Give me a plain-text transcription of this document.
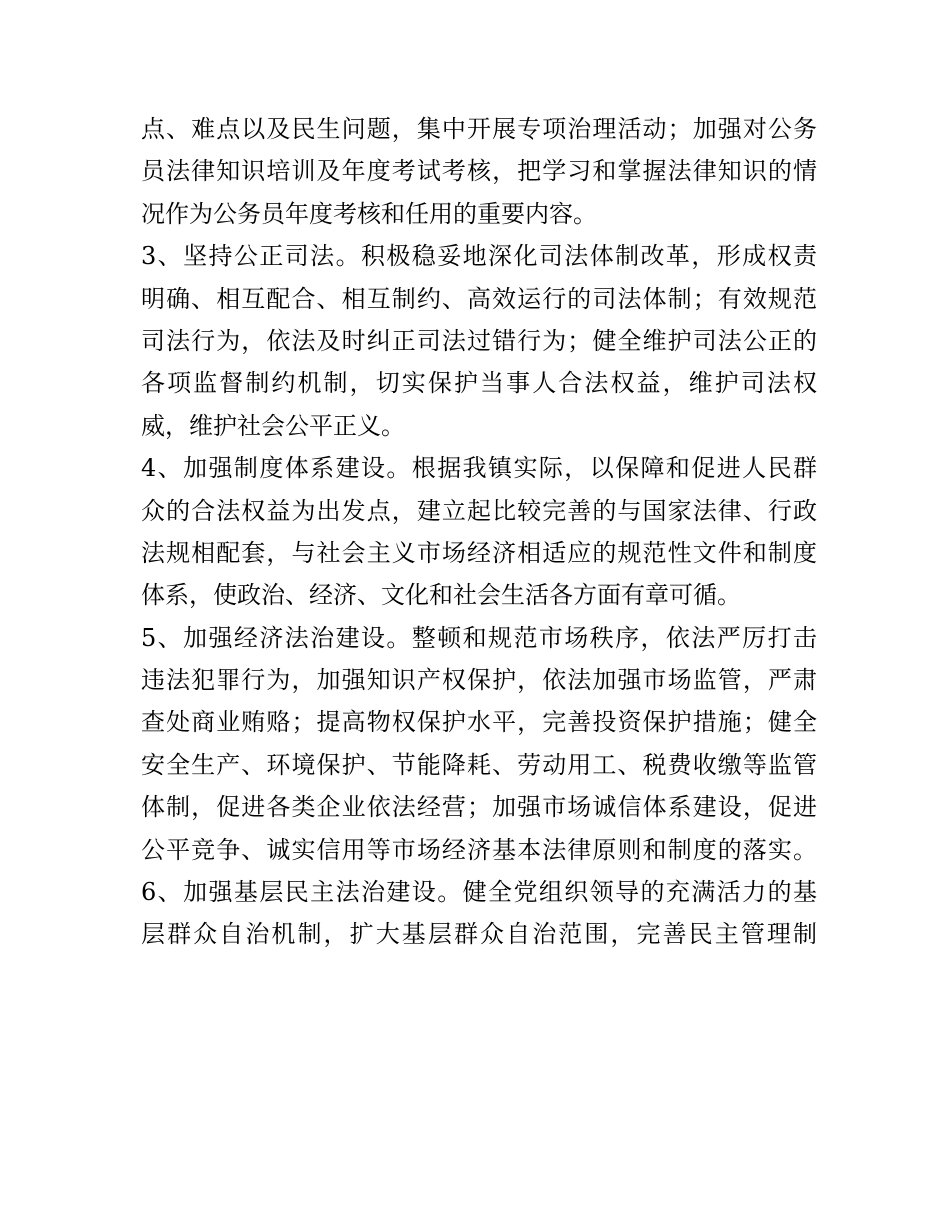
点、难点以及民生问题，集中开展专项治理活动；加强对公务
员法律知识培训及年度考试考核，把学习和掌握法律知识的情
况作为公务员年度考核和任用的重要内容。
3、坚持公正司法。积极稳妥地深化司法体制改革，形成权责
明确、相互配合、相互制约、高效运行的司法体制；有效规范
司法行为，依法及时纠正司法过错行为；健全维护司法公正的
各项监督制约机制，切实保护当事人合法权益，维护司法权
威，维护社会公平正义。
4、加强制度体系建设。根据我镇实际，以保障和促进人民群
众的合法权益为出发点，建立起比较完善的与国家法律、行政
法规相配套，与社会主义市场经济相适应的规范性文件和制度
体系，使政治、经济、文化和社会生活各方面有章可循。
5、加强经济法治建设。整顿和规范市场秩序，依法严厉打击
违法犯罪行为，加强知识产权保护，依法加强市场监管，严肃
查处商业贿赂；提高物权保护水平，完善投资保护措施；健全
安全生产、环境保护、节能降耗、劳动用工、税费收缴等监管
体制，促进各类企业依法经营；加强市场诚信体系建设，促进
公平竞争、诚实信用等市场经济基本法律原则和制度的落实。
6、加强基层民主法治建设。健全党组织领导的充满活力的基
层群众自治机制，扩大基层群众自治范围，完善民主管理制
